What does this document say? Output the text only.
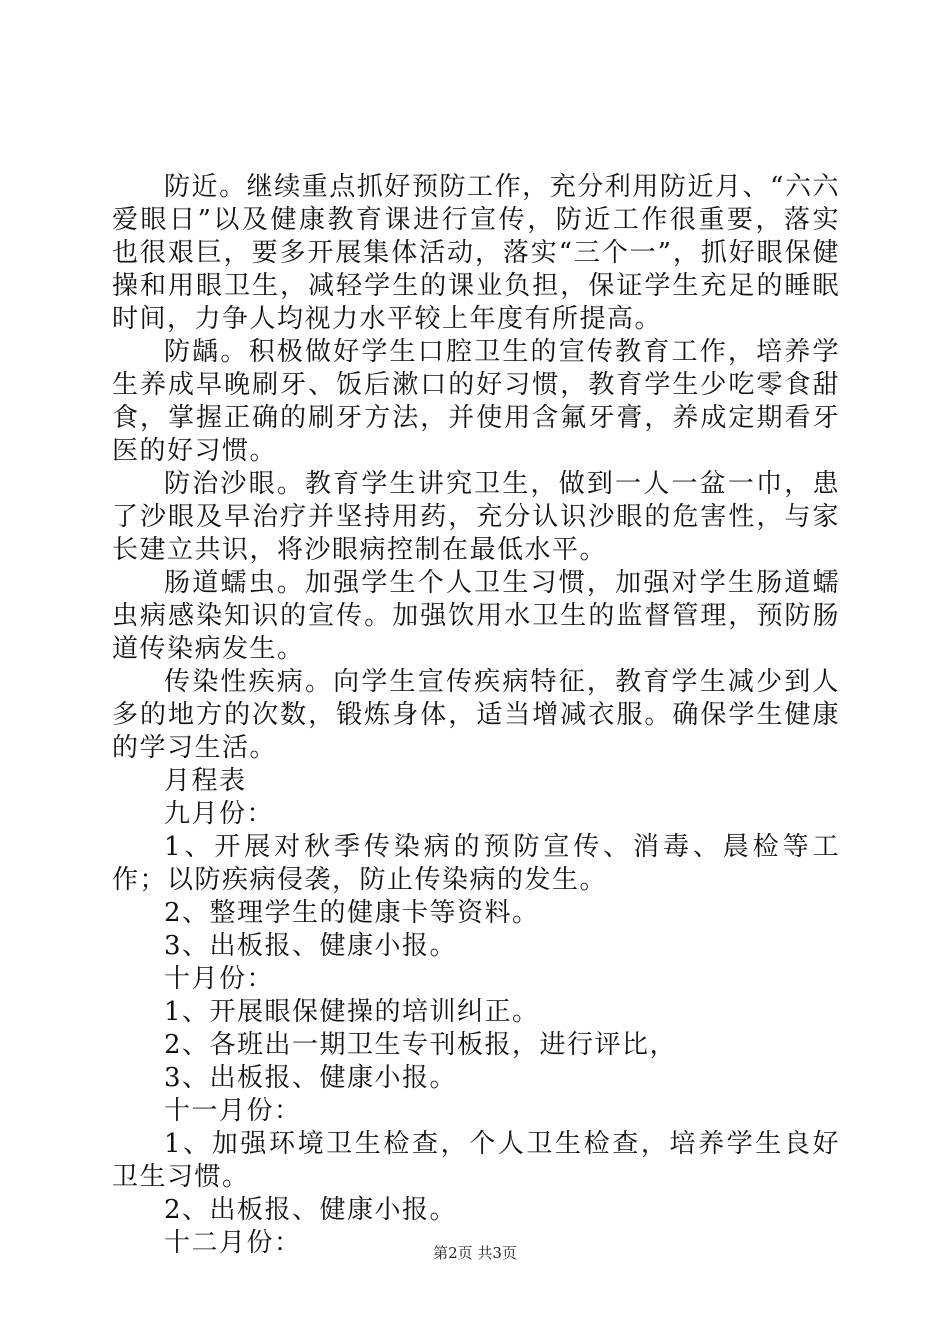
防近。继续重点抓好预防工作，充分利用防近月、“六六爱眼日”以及健康教育课进行宣传，防近工作很重要，落实也很艰巨，要多开展集体活动，落实“三个一”，抓好眼保健操和用眼卫生，减轻学生的课业负担，保证学生充足的睡眠时间，力争人均视力水平较上年度有所提高。

防龋。积极做好学生口腔卫生的宣传教育工作，培养学生养成早晚刷牙、饭后漱口的好习惯，教育学生少吃零食甜食，掌握正确的刷牙方法，并使用含氟牙膏，养成定期看牙医的好习惯。

防治沙眼。教育学生讲究卫生，做到一人一盆一巾，患了沙眼及早治疗并坚持用药，充分认识沙眼的危害性，与家长建立共识，将沙眼病控制在最低水平。

肠道蠕虫。加强学生个人卫生习惯，加强对学生肠道蠕虫病感染知识的宣传。加强饮用水卫生的监督管理，预防肠道传染病发生。

传染性疾病。向学生宣传疾病特征，教育学生减少到人多的地方的次数，锻炼身体，适当增减衣服。确保学生健康的学习生活。

月程表

九月份：

1、开展对秋季传染病的预防宣传、消毒、晨检等工作；以防疾病侵袭，防止传染病的发生。

2、整理学生的健康卡等资料。

3、出板报、健康小报。

十月份：

1、开展眼保健操的培训纠正。

2、各班出一期卫生专刊板报，进行评比，

3、出板报、健康小报。

十一月份：

1、加强环境卫生检查，个人卫生检查，培养学生良好卫生习惯。

2、出板报、健康小报。

十二月份：	第2页 共3页
